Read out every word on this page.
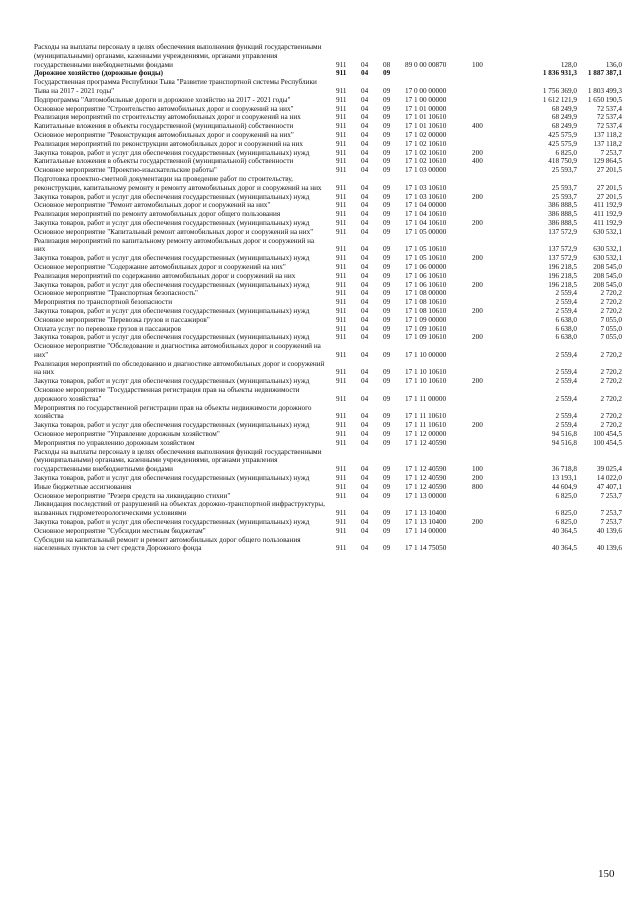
Расходы на выплаты персоналу в целях обеспечения выполнения функций государственными (муниципальными) органами, казенными учреждениями, органами управления государственными внебюджетными фондами	911	04	08	89 0 00 00870	100	128,0	136,0
Дорожное хозяйство (дорожные фонды)	911	04	09	1 836 931,3	1 887 387,1
Государственная программа Республики Тыва "Развитие транспортной системы Республики Тыва на 2017 - 2021 годы"	911	04	09	17 0 00 00000	1 756 369,0	1 803 499,3
Подпрограмма "Автомобильные дороги и дорожное хозяйство на 2017 - 2021 годы"	911	04	09	17 1 00 00000	1 612 121,9	1 650 190,5
Основное мероприятие "Строительство автомобильных дорог и сооружений на них"	911	04	09	17 1 01 00000	68 249,9	72 537,4
Реализация мероприятий по строительству автомобильных дорог и сооружений на них	911	04	09	17 1 01 10610	68 249,9	72 537,4
Капитальные вложения в объекты государственной (муниципальной) собственности	911	04	09	17 1 01 10610	400	68 249,9	72 537,4
Основное мероприятие "Реконструкция автомобильных дорог и сооружений на них"	911	04	09	17 1 02 00000	425 575,9	137 118,2
Реализация мероприятий по реконструкции автомобильных дорог и сооружений на них	911	04	09	17 1 02 10610	425 575,9	137 118,2
Закупка товаров, работ и услуг для обеспечения государственных (муниципальных) нужд	911	04	09	17 1 02 10610	200	6 825,0	7 253,7
Капитальные вложения в объекты государственной (муниципальной) собственности	911	04	09	17 1 02 10610	400	418 750,9	129 864,5
Основное мероприятие "Проектно-изыскательские работы"	911	04	09	17 1 03 00000	25 593,7	27 201,5
Подготовка проектно-сметной документации на проведение работ по строительству, реконструкции, капитальному ремонту и ремонту автомобильных дорог и сооружений на них	911	04	09	17 1 03 10610	25 593,7	27 201,5
Закупка товаров, работ и услуг для обеспечения государственных (муниципальных) нужд	911	04	09	17 1 03 10610	200	25 593,7	27 201,5
Основное мероприятие "Ремонт автомобильных дорог и сооружений на них"	911	04	09	17 1 04 00000	386 888,5	411 192,9
Реализация мероприятий по ремонту автомобильных дорог общего пользования	911	04	09	17 1 04 10610	386 888,5	411 192,9
Закупка товаров, работ и услуг для обеспечения государственных (муниципальных) нужд	911	04	09	17 1 04 10610	200	386 888,5	411 192,9
Основное мероприятие "Капитальный ремонт автомобильных дорог и сооружений на них"	911	04	09	17 1 05 00000	137 572,9	630 532,1
Реализация мероприятий по капитальному ремонту автомобильных дорог и сооружений на них	911	04	09	17 1 05 10610	137 572,9	630 532,1
Закупка товаров, работ и услуг для обеспечения государственных (муниципальных) нужд	911	04	09	17 1 05 10610	200	137 572,9	630 532,1
Основное мероприятие "Содержание автомобильных дорог и сооружений на них"	911	04	09	17 1 06 00000	196 218,5	208 545,0
Реализация мероприятий по содержанию автомобильных дорог и сооружений на них	911	04	09	17 1 06 10610	196 218,5	208 545,0
Закупка товаров, работ и услуг для обеспечения государственных (муниципальных) нужд	911	04	09	17 1 06 10610	200	196 218,5	208 545,0
Основное мероприятие "Транспортная безопасность"	911	04	09	17 1 08 00000	2 559,4	2 720,2
Мероприятия по транспортной безопасности	911	04	09	17 1 08 10610	2 559,4	2 720,2
Закупка товаров, работ и услуг для обеспечения государственных (муниципальных) нужд	911	04	09	17 1 08 10610	200	2 559,4	2 720,2
Основное мероприятие "Перевозка грузов и пассажиров"	911	04	09	17 1 09 00000	6 638,0	7 055,0
Оплата услуг по перевозке грузов и пассажиров	911	04	09	17 1 09 10610	6 638,0	7 055,0
Закупка товаров, работ и услуг для обеспечения государственных (муниципальных) нужд	911	04	09	17 1 09 10610	200	6 638,0	7 055,0
Основное мероприятие "Обследование и диагностика автомобильных дорог и сооружений на них"	911	04	09	17 1 10 00000	2 559,4	2 720,2
Реализация мероприятий по обследованию и диагностике автомобильных дорог и сооружений на них	911	04	09	17 1 10 10610	2 559,4	2 720,2
Закупка товаров, работ и услуг для обеспечения государственных (муниципальных) нужд	911	04	09	17 1 10 10610	200	2 559,4	2 720,2
Основное мероприятие "Государственная регистрация прав на объекты недвижимости дорожного хозяйства"	911	04	09	17 1 11 00000	2 559,4	2 720,2
Мероприятия по государственной регистрации прав на объекты недвижимости дорожного хозяйства	911	04	09	17 1 11 10610	2 559,4	2 720,2
Закупка товаров, работ и услуг для обеспечения государственных (муниципальных) нужд	911	04	09	17 1 11 10610	200	2 559,4	2 720,2
Основное мероприятие "Управление дорожным хозяйством"	911	04	09	17 1 12 00000	94 516,8	100 454,5
Мероприятия по управлению дорожным хозяйством	911	04	09	17 1 12 40590	94 516,8	100 454,5
Расходы на выплаты персоналу в целях обеспечения выполнения функций государственными (муниципальными) органами, казенными учреждениями, органами управления государственными внебюджетными фондами	911	04	09	17 1 12 40590	100	36 718,8	39 025,4
Закупка товаров, работ и услуг для обеспечения государственных (муниципальных) нужд	911	04	09	17 1 12 40590	200	13 193,1	14 022,0
Иные бюджетные ассигнования	911	04	09	17 1 12 40590	800	44 604,9	47 407,1
Основное мероприятие "Резерв средств на ликвидацию стихии"	911	04	09	17 1 13 00000	6 825,0	7 253,7
Ликвидация последствий от разрушений на объектах дорожно-транспортной инфраструктуры, вызванных гидрометеорологическими условиями	911	04	09	17 1 13 10400	6 825,0	7 253,7
Закупка товаров, работ и услуг для обеспечения государственных (муниципальных) нужд	911	04	09	17 1 13 10400	200	6 825,0	7 253,7
Основное мероприятие "Субсидии местным бюджетам"	911	04	09	17 1 14 00000	40 364,5	40 139,6
Субсидии на капитальный ремонт и ремонт автомобильных дорог общего пользования населенных пунктов за счет средств Дорожного фонда	911	04	09	17 1 14 75050	40 364,5	40 139,6
150
